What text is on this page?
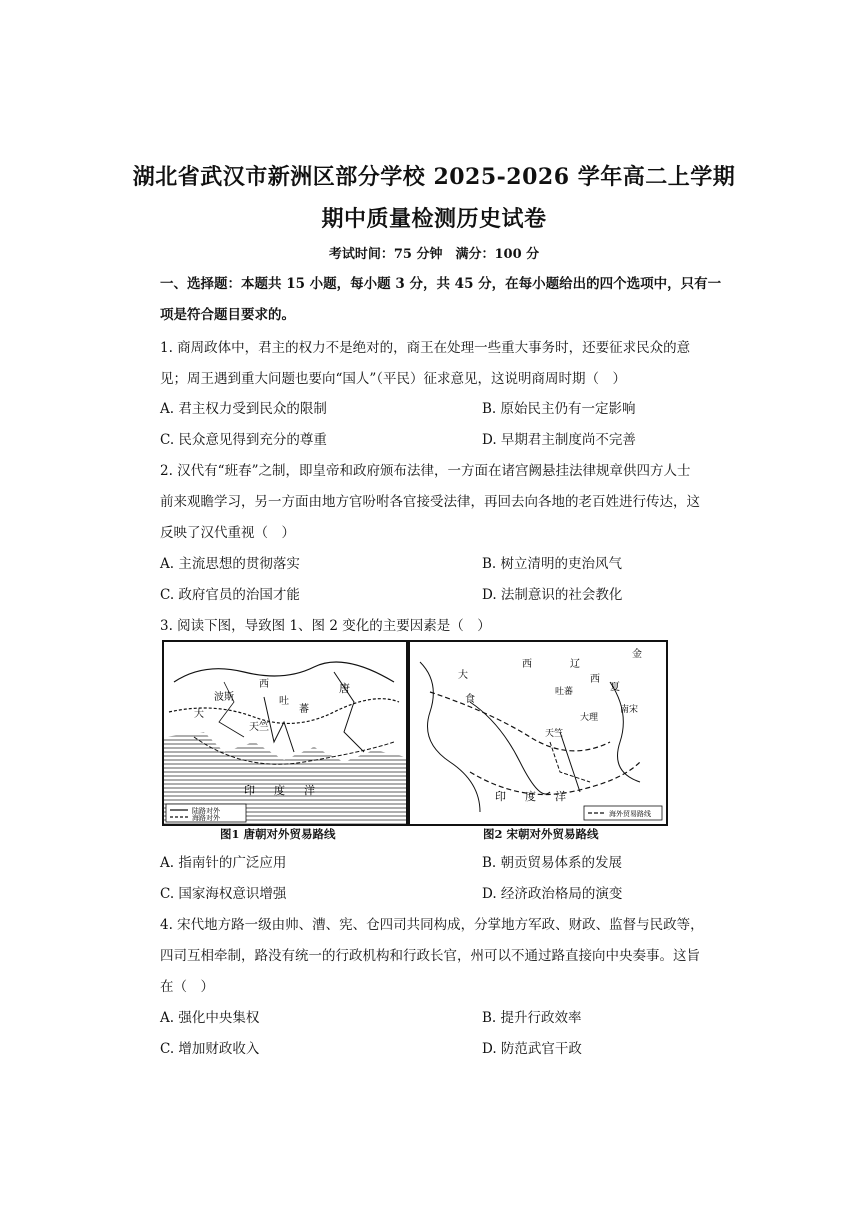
湖北省武汉市新洲区部分学校 2025-2026 学年高二上学期
期中质量检测历史试卷
考试时间：75 分钟　满分：100 分
一、选择题：本题共 15 小题，每小题 3 分，共 45 分，在每小题给出的四个选项中，只有一
项是符合题目要求的。
1. 商周政体中，君主的权力不是绝对的，商王在处理一些重大事务时，还要征求民众的意
见；周王遇到重大问题也要向“国人”（平民）征求意见，这说明商周时期（　）
A. 君主权力受到民众的限制	B. 原始民主仍有一定影响
C. 民众意见得到充分的尊重	D. 早期君主制度尚不完善
2. 汉代有“班春”之制，即皇帝和政府颁布法律，一方面在诸宫阙悬挂法律规章供四方人士
前来观瞻学习，另一方面由地方官吩咐各官接受法律，再回去向各地的老百姓进行传达，这
反映了汉代重视（　）
A. 主流思想的贯彻落实	B. 树立清明的吏治风气
C. 政府官员的治国才能	D. 法制意识的社会教化
3. 阅读下图，导致图 1、图 2 变化的主要因素是（　）
陆路对外
海路对外
西
吐
蕃
波斯
大
天竺
唐
印 度 洋
海外贸易路线
西	辽
西
夏
金
吐蕃
大理
南宋
天竺
大
食
印 度 洋
图1 唐朝对外贸易路线	图2 宋朝对外贸易路线
A. 指南针的广泛应用	B. 朝贡贸易体系的发展
C. 国家海权意识增强	D. 经济政治格局的演变
4. 宋代地方路一级由帅、漕、宪、仓四司共同构成，分掌地方军政、财政、监督与民政等，
四司互相牵制，路没有统一的行政机构和行政长官，州可以不通过路直接向中央奏事。这旨
在（　）
A. 强化中央集权	B. 提升行政效率
C. 增加财政收入	D. 防范武官干政
